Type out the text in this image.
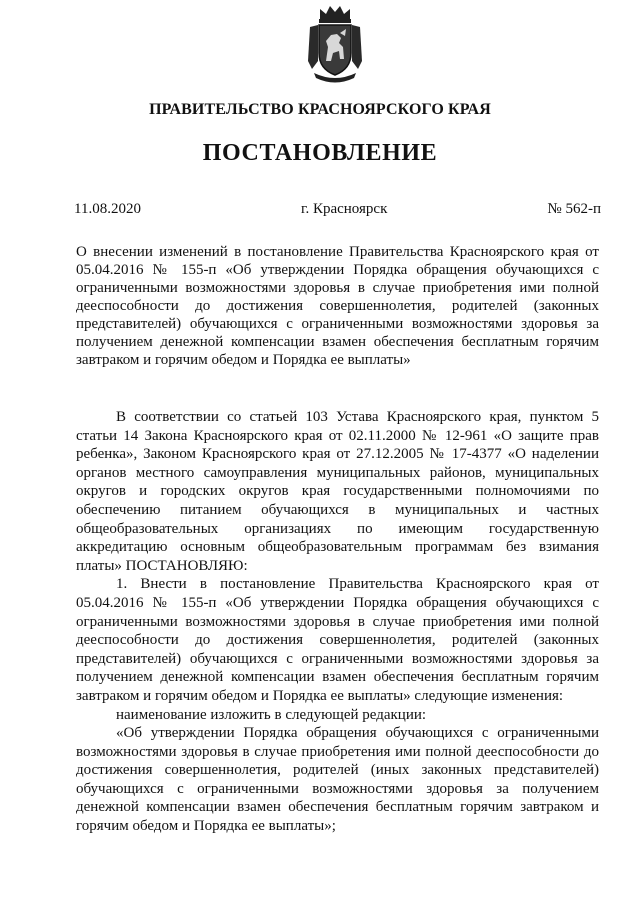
ПРАВИТЕЛЬСТВО КРАСНОЯРСКОГО КРАЯ
ПОСТАНОВЛЕНИЕ
11.08.2020	г. Красноярск	№ 562-п
О внесении изменений в постановление Правительства Красноярского края от 05.04.2016 № 155-п «Об утверждении Порядка обращения обучающихся с ограниченными возможностями здоровья в случае приобретения ими полной дееспособности до достижения совершеннолетия, родителей (законных представителей) обучающихся с ограниченными возможностями здоровья за получением денежной компенсации взамен обеспечения бесплатным горячим завтраком и горячим обедом и Порядка ее выплаты»

В соответствии со статьей 103 Устава Красноярского края, пунктом 5 статьи 14 Закона Красноярского края от 02.11.2000 № 12-961 «О защите прав ребенка», Законом Красноярского края от 27.12.2005 № 17-4377 «О наделении органов местного самоуправления муниципальных районов, муниципальных округов и городских округов края государственными полномочиями по обеспечению питанием обучающихся в муниципальных и частных общеобразовательных организациях по имеющим государственную аккредитацию основным общеобразовательным программам без взимания платы» ПОСТАНОВЛЯЮ:

1. Внести в постановление Правительства Красноярского края от 05.04.2016 № 155-п «Об утверждении Порядка обращения обучающихся с ограниченными возможностями здоровья в случае приобретения ими полной дееспособности до достижения совершеннолетия, родителей (законных представителей) обучающихся с ограниченными возможностями здоровья за получением денежной компенсации взамен обеспечения бесплатным горячим завтраком и горячим обедом и Порядка ее выплаты» следующие изменения:

наименование изложить в следующей редакции:

«Об утверждении Порядка обращения обучающихся с ограниченными возможностями здоровья в случае приобретения ими полной дееспособности до достижения совершеннолетия, родителей (иных законных представителей) обучающихся с ограниченными возможностями здоровья за получением денежной компенсации взамен обеспечения бесплатным горячим завтраком и горячим обедом и Порядка ее выплаты»;
